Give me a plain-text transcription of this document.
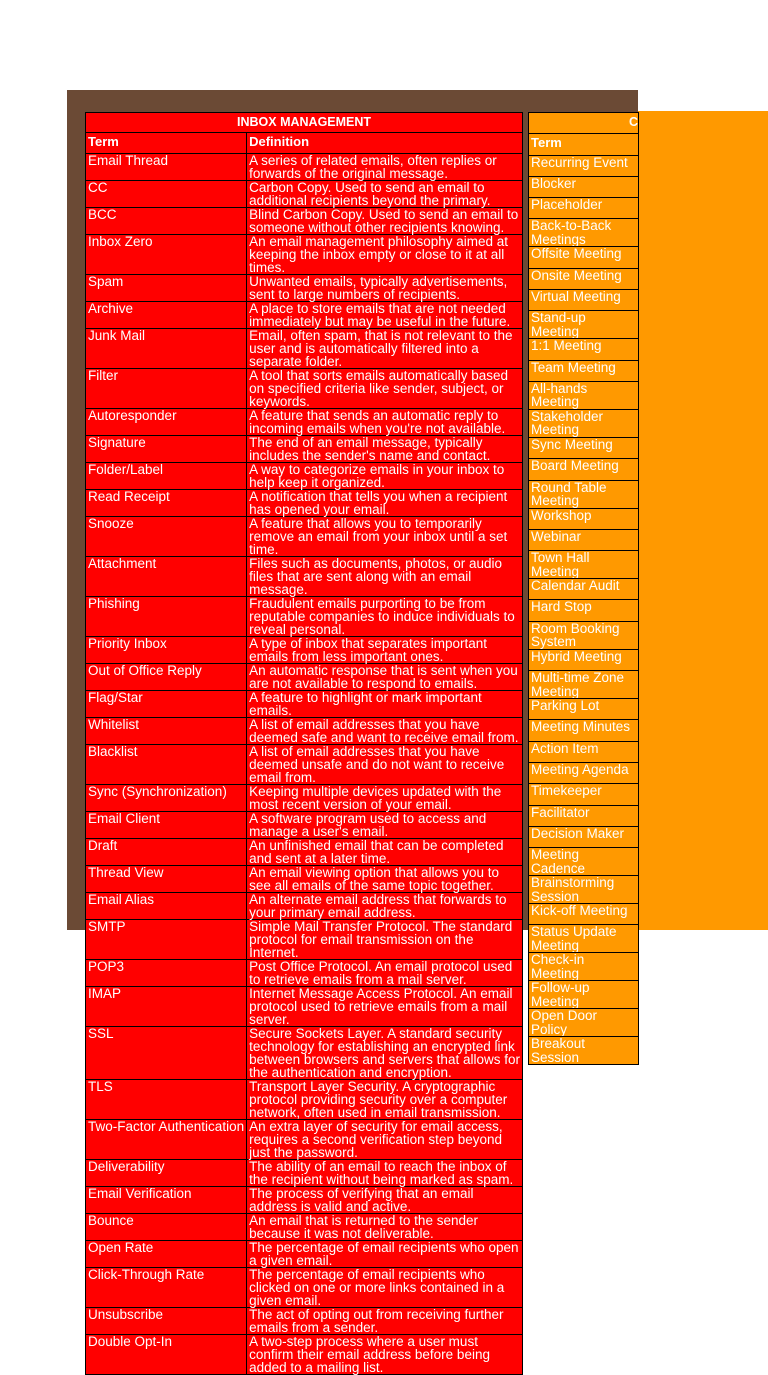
INBOX MANAGEMENT	
Term	Definition
Email Thread	A series of related emails, often replies or forwards of the original message.
CC	Carbon Copy. Used to send an email to additional recipients beyond the primary.
BCC	Blind Carbon Copy. Used to send an email to someone without other recipients knowing.
Inbox Zero	An email management philosophy aimed at keeping the inbox empty or close to it at all times.
Spam	Unwanted emails, typically advertisements, sent to large numbers of recipients.
Archive	A place to store emails that are not needed immediately but may be useful in the future.
Junk Mail	Email, often spam, that is not relevant to the user and is automatically filtered into a separate folder.
Filter	A tool that sorts emails automatically based on specified criteria like sender, subject, or keywords.
Autoresponder	A feature that sends an automatic reply to incoming emails when you're not available.
Signature	The end of an email message, typically includes the sender's name and contact.
Folder/Label	A way to categorize emails in your inbox to help keep it organized.
Read Receipt	A notification that tells you when a recipient has opened your email.
Snooze	A feature that allows you to temporarily remove an email from your inbox until a set time.
Attachment	Files such as documents, photos, or audio files that are sent along with an email message.
Phishing	Fraudulent emails purporting to be from reputable companies to induce individuals to reveal personal.
Priority Inbox	A type of inbox that separates important emails from less important ones.
Out of Office Reply	An automatic response that is sent when you are not available to respond to emails.
Flag/Star	A feature to highlight or mark important emails.
Whitelist	A list of email addresses that you have deemed safe and want to receive email from.
Blacklist	A list of email addresses that you have deemed unsafe and do not want to receive email from.
Sync (Synchronization)	Keeping multiple devices updated with the most recent version of your email.
Email Client	A software program used to access and manage a user's email.
Draft	An unfinished email that can be completed and sent at a later time.
Thread View	An email viewing option that allows you to see all emails of the same topic together.
Email Alias	An alternate email address that forwards to your primary email address.
SMTP	Simple Mail Transfer Protocol. The standard protocol for email transmission on the Internet.
POP3	Post Office Protocol. An email protocol used to retrieve emails from a mail server.
IMAP	Internet Message Access Protocol. An email protocol used to retrieve emails from a mail server.
SSL	Secure Sockets Layer. A standard security technology for establishing an encrypted link between browsers and servers that allows for the authentication and encryption.
TLS	Transport Layer Security. A cryptographic protocol providing security over a computer network, often used in email transmission.
Two-Factor Authentication	An extra layer of security for email access, requires a second verification step beyond just the password.
Deliverability	The ability of an email to reach the inbox of the recipient without being marked as spam.
Email Verification	The process of verifying that an email address is valid and active.
Bounce	An email that is returned to the sender because it was not deliverable.
Open Rate	The percentage of email recipients who open a given email.
Click-Through Rate	The percentage of email recipients who clicked on one or more links contained in a given email.
Unsubscribe	The act of opting out from receiving further emails from a sender.
Double Opt-In	A two-step process where a user must confirm their email address before being added to a mailing list.
C
Term
Recurring Event
Blocker
Placeholder
Back-to-Back Meetings
Offsite Meeting
Onsite Meeting
Virtual Meeting
Stand-up Meeting
1:1 Meeting
Team Meeting
All-hands Meeting
Stakeholder Meeting
Sync Meeting
Board Meeting
Round Table Meeting
Workshop
Webinar
Town Hall Meeting
Calendar Audit
Hard Stop
Room Booking System
Hybrid Meeting
Multi-time Zone Meeting
Parking Lot
Meeting Minutes
Action Item
Meeting Agenda
Timekeeper
Facilitator
Decision Maker
Meeting Cadence
Brainstorming Session
Kick-off Meeting
Status Update Meeting
Check-in Meeting
Follow-up Meeting
Open Door Policy
Breakout Session
